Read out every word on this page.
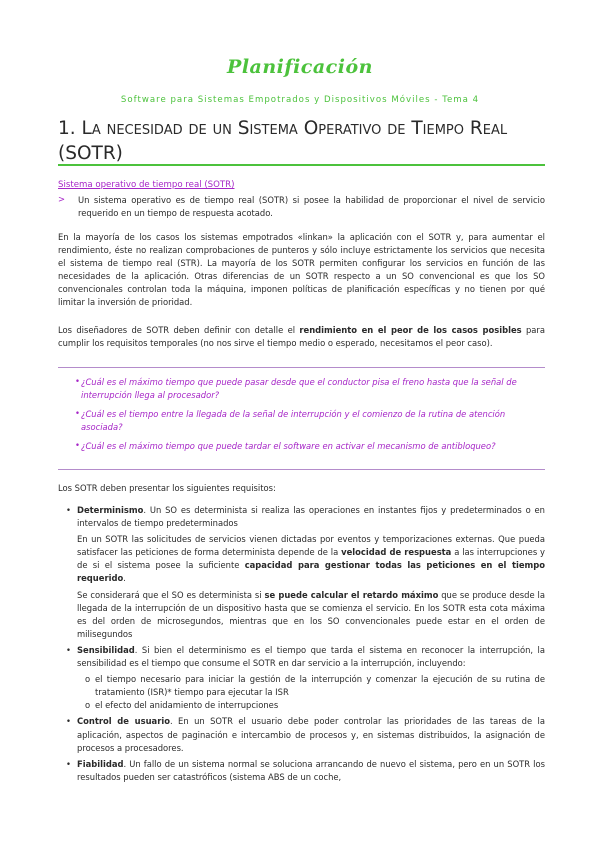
Planificación
Software para Sistemas Empotrados y Dispositivos Móviles - Tema 4
1. La necesidad de un Sistema Operativo de Tiempo Real (SOTR)
Sistema operativo de tiempo real (SOTR)
> Un sistema operativo es de tiempo real (SOTR) si posee la habilidad de proporcionar el nivel de servicio requerido en un tiempo de respuesta acotado.
En la mayoría de los casos los sistemas empotrados «linkan» la aplicación con el SOTR y, para aumentar el rendimiento, éste no realizan comprobaciones de punteros y sólo incluye estrictamente los servicios que necesita el sistema de tiempo real (STR). La mayoría de los SOTR permiten configurar los servicios en función de las necesidades de la aplicación. Otras diferencias de un SOTR respecto a un SO convencional es que los SO convencionales controlan toda la máquina, imponen políticas de planificación específicas y no tienen por qué limitar la inversión de prioridad.
Los diseñadores de SOTR deben definir con detalle el rendimiento en el peor de los casos posibles para cumplir los requisitos temporales (no nos sirve el tiempo medio o esperado, necesitamos el peor caso).
• ¿Cuál es el máximo tiempo que puede pasar desde que el conductor pisa el freno hasta que la señal de interrupción llega al procesador?
• ¿Cuál es el tiempo entre la llegada de la señal de interrupción y el comienzo de la rutina de atención asociada?
• ¿Cuál es el máximo tiempo que puede tardar el software en activar el mecanismo de antibloqueo?
Los SOTR deben presentar los siguientes requisitos:
• Determinismo. Un SO es determinista si realiza las operaciones en instantes fijos y predeterminados o en intervalos de tiempo predeterminados
En un SOTR las solicitudes de servicios vienen dictadas por eventos y temporizaciones externas. Que pueda satisfacer las peticiones de forma determinista depende de la velocidad de respuesta a las interrupciones y de si el sistema posee la suficiente capacidad para gestionar todas las peticiones en el tiempo requerido.
Se considerará que el SO es determinista si se puede calcular el retardo máximo que se produce desde la llegada de la interrupción de un dispositivo hasta que se comienza el servicio. En los SOTR esta cota máxima es del orden de microsegundos, mientras que en los SO convencionales puede estar en el orden de milisegundos
• Sensibilidad. Si bien el determinismo es el tiempo que tarda el sistema en reconocer la interrupción, la sensibilidad es el tiempo que consume el SOTR en dar servicio a la interrupción, incluyendo:
o el tiempo necesario para iniciar la gestión de la interrupción y comenzar la ejecución de su rutina de tratamiento (ISR)* tiempo para ejecutar la ISR
o el efecto del anidamiento de interrupciones
• Control de usuario. En un SOTR el usuario debe poder controlar las prioridades de las tareas de la aplicación, aspectos de paginación e intercambio de procesos y, en sistemas distribuidos, la asignación de procesos a procesadores.
• Fiabilidad. Un fallo de un sistema normal se soluciona arrancando de nuevo el sistema, pero en un SOTR los resultados pueden ser catastróficos (sistema ABS de un coche,
